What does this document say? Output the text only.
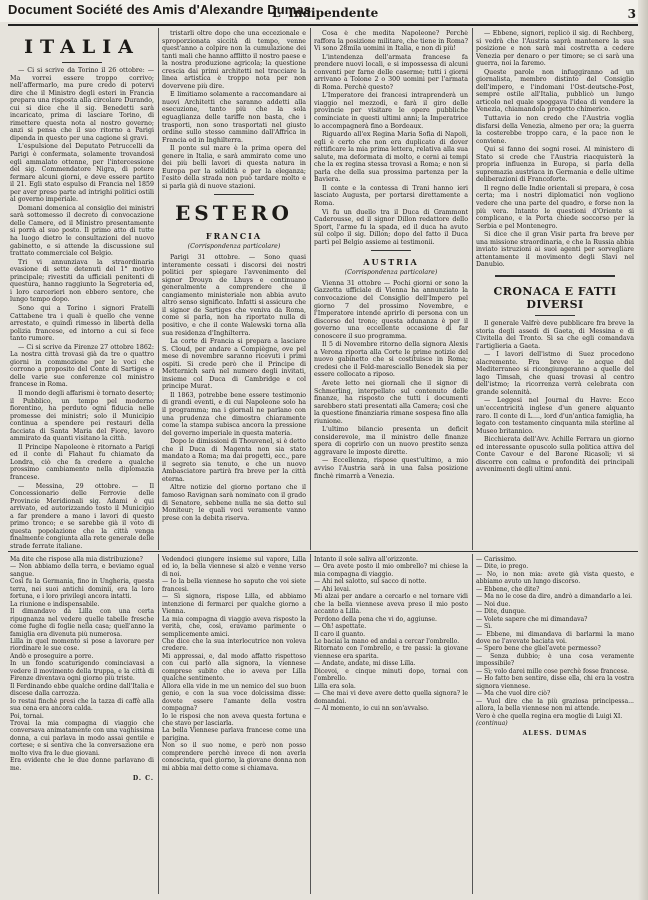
Document Société des Amis d'Alexandre Dumas
L' Indipendente	3
ITALIA

— Ci si scrive da Torino il 26 ottobre: — Ma vorrei essere troppo corrivo; nell'affermarlo, ma pure credo di potervi dire che il Ministro degli esteri in Francia prepara una risposta alla circolare Durando, cui si dice che il sig. Benedetti sarà incaricato, prima di lasciare Torino, di rimettere questa nota al nostro governo; anzi si pensa che il suo ritorno a Parigi dipenda in questo per una cagione sì gravi.

L'espulsione del Deputato Petruccelli da Parigi è confermata, solamente trovandosi egli ammalato ottenne, per l'intercessione del sig. Commendatore Nigra, di potere fermare alcuni giorni, e deve essere partito il 21. Egli stato espulso di Francia nel 1859 per aver preso parte ad intrighi politici ostili al governo imperiale.

Domani domenica al consiglio dei ministri sarà sottomesso il decreto di convocazione delle Camere, ed il Ministro presentamente si porrà al suo posto. Il primo atto di tutte ha luogo dietro le consultazioni del nuovo gabinetto, e si attende la discussione sul trattato commerciale col Belgio.

Tri vi annunziava la straordinaria evasione di sette detenuti del 1° motivo principale; rivestiti da ufficiali penitenti di questura, hanno raggiunto la Segreteria ed, i loro carcerieri non ebbero sentore, che lungo tempo dopo.

Sono qui a Torino i signori Fratelli Cattabene tra i quali è quello che venne arrestato, e quindi rimesso in libertà della polizia francese, ed intorno a cui si fece tanto rumore.

— Ci si scrive da Firenze 27 ottobre 1862: La nostra città trovasi già da tre o quattro giorni in commozione per le voci che corrono a proposito del Conte di Sartiges e delle varie sue conferenze col ministro francese in Roma.

Il mondo degli affarismi è tornato deserto; il Pubblico, un tempo pel moderno fiorentino, ha perduto ogni fiducia nelle promesse dei ministri; solo il Municipio continua a spendere pei restauri della facciata di Santa Maria del Fiore, lavoro ammirato da quanti visitano la città.

Il Principe Napoleone è ritornato a Parigi ed il conte di Flahaut fu chiamato da Londra, ciò che fa credere a qualche prossimo cambiamento nella diplomazia francese.

— Messina, 29 ottobre. — Il Concessionario delle Ferrovie delle Provincie Meridionali sig. Adami è qui arrivato, ed autorizzando tosto il Municipio a far prendere a mano i lavori di questo primo tronco; e se sarebbe già il voto di questa popolazione che la città venga finalmente congiunta alla rete generale delle strade ferrate italiane.

tristarli oltre dopo che una eccezionale e sproporzionata siccità di tempo, venne quest'anno a colpire non la cumulazione dei tanti mali che hanno afflitto il nostro paese e la nostra produzione agricola; la questione crescia dai primi architetti nel tracciare la linea artistica è troppo nota per non dovervene più dire.

E limitiamo solamente a raccomandare ai nuovi Architetti che saranno addetti alla esecuzione, tanto più che la sola eguaglianza delle tariffe non basta, che i trasporti, non sono trasportati nel giusto ordine sullo stesso cammino dall'Affrica in Francia ed in Inghilterra.

Il ponte sul mare è la prima opera del genere in Italia, e sarà ammirato come uno dei più belli lavori di questa natura in Europa per la solidità e per la eleganza; l'esito della strada non può tardare molto e si parla già di nuove stazioni.

ESTERO
FRANCIA

(Corrispondenza particolare)

Parigi 31 ottobre. — Sono quasi interamente cessati i discorsi dei nostri politici per spiegare l'avvenimento del signor Drouyn de Lhuys e continuano generalmente a comprendere che il cangiamento ministeriale non abbia avuto altro senso significato. Infatti si assicura che il signor de Sartiges che veniva da Roma, come si parla, non ha riportato nulla di positivo, e che il conte Walewski torna alla sua residenza d'Inghilterra.

La corte di Francia si prepara a lasciare S. Cloud, per andare a Compiègne, ove pel mese di novembre saranno ricevuti i primi ospiti. Si crede però che il Principe di Metternich sarà nel numero degli invitati, insieme col Duca di Cambridge e col principe Murat.

Il 1863, potrebbe bene essere testimonio di grandi eventi, e di cui Napoleone solo ha il programma; ma i giornali ne parlano con una prudenza che dimostra chiaramente come la stampa subisca ancora la pressione del governo imperiale in questa materia.

Dopo le dimissioni di Thouvenel, si è detto che il Duca di Magenta non sia stato mandato a Roma; ma dai progetti, ecc., pare il segreto sia tenuto, e che un nuovo Ambasciatore partirà fra breve per la città eterna.

Altre notizie del giorno portano che il famoso Ravignan sarà nominato con il grado di Senatore, sebbene nulla ne sia detto sul Moniteur; le quali voci veramente vanno prese con la debita riserva.

Cosa è che medita Napoleone? Perchè raffora la posizione militare, che tiene in Roma? Vi sono 28mila uomini in Italia, e non di più!

L'intendenza dell'armata francese fa prendere nuovi locali, e si impossessa di alcuni conventi per farne delle caserme; tutti i giorni arrivano a Tolone 2 o 300 uomini per l'armata di Roma. Perchè questo?

L'Imperatore dei francesi intraprenderà un viaggio nel mezzodì, e farà il giro delle provincie per visitare le opere pubbliche cominciate in questi ultimi anni; la Imperatrice lo accompagnerà fino a Bordeaux.

Riguardo all'ex Regina Maria Sofia di Napoli, egli è certo che non era duplicato di dover rettificare la mia prima lettera, relativa alla sua salute, ma deformata di molto, e cerni ai tempi che la ex regina stessa trovasi a Roma; e non si parla che della sua prossima partenza per la Baviera.

Il conte e la contessa di Trani hanno ieri lasciato Augusta, per portarsi direttamente a Roma.

Vi fu un duello tra il Duca di Grammont Caderousse, ed il signor Dillon redattore dello Sport, l'arme fu la spada, ed il duca ha avuto sul colpo il sig. Dillon; dopo del fatto il Duca partì pel Belgio assieme ai testimonii.

AUSTRIA

(Corrispondenza particolare)

Vienna 31 ottobre — Pochi giorni or sono la Gazzetta ufficiale di Vienna ha annunziato la convocazione del Consiglio dell'Impero pel giorno 7 del prossimo Novembre, e l'Imperatore intende aprirlo di persona con un discorso del trono; questa adunanza è per il governo una eccellente occasione di far conoscere il suo programma.

Il 5 di Novembre ritorno della signora Alexis a Verona riporta alla Corte le prime notizie del nuovo gabinetto che si costituisce in Roma; credesi che il Feld-maresciallo Benedek sia per essere collocato a riposo.

Avete letto nei giornali che il signor di Schmerling, interpellato sul contenuto delle finanze, ha risposto che tutti i documenti sarebbero stati presentati alla Camera; così che la questione finanziaria rimane sospesa fino alla riunione.

L'ultimo bilancio presenta un deficit considerevole, ma il ministro delle finanze spera di coprirlo con un nuovo prestito senza aggravare le imposte dirette.

— Eccellenza, rispose quest'ultimo, a mio avviso l'Austria sarà in una falsa posizione finchè rimarrà a Venezia.

— Ebbene, signori, replicò il sig. di Rechberg, si vedrà che l'Austria saprà mantenere la sua posizione e non sarà mai costretta a cedere Venezia per denaro o per timore; se ci sarà una guerra, noi la faremo.

Queste parole non infuggiranno ad un giornalista, membro distinto del Consiglio dell'impero, e l'indomani l'Ost-deutsche-Post, sempre ostile all'Italia, pubblicò un lungo articolo nel quale spoggava l'idea di vendere la Venezia, chiamandola progetto chimerico.

Tuttavia io non credo che l'Austria voglia disfarsi della Venezia, almeno per ora; la guerra la costerebbe troppo cara, e la pace non le conviene.

Qui si fanno dei sogni rosei. Al ministero di Stato si crede che l'Austria riacquisterà la propria influenza in Europa, si parla della supremazia austriaca in Germania e delle ultime deliberazioni di Francoforte.

Il regno delle Indie orientali si prepara, è cosa certa; ma i nostri diplomatici non vogliono vedere che una parte del quadro, e forse non la più vera. Intanto le questioni d'Oriente si complicano, e la Porta chiede soccorso per la Serbia e pel Montenegro.

Si dice che il gran Visir parta fra breve per una missione straordinaria, e che la Russia abbia inviato istruzioni ai suoi agenti per sorvegliare attentamente il movimento degli Slavi nel Danubio.

CRONACA E FATTI DIVERSI

Il generale Valfrè deve pubblicare fra breve la storia degli assedi di Gaeta, di Messina e di Civitella del Tronto. Si sa che egli comandava l'artiglieria a Gaeta.

— I lavori dell'istmo di Suez procedono alacremente. Fra breve le acque del Mediterraneo si ricongiungeranno a quelle del lago Timsah, che quasi trovasi al centro dell'istmo; la ricorrenza verrà celebrata con grande solennità.

— Leggesi nel Journal du Havre: Ecco un'eccentricità inglese d'un genere alquanto raro. Il conte di L...., lord d'un'antica famiglia, ha legato con testamento cinquanta mila sterline al Museo britannico.

Bicchierata dell'Avv. Achille Ferrara un giorno ed interessante opuscolo sulla politica attiva del Conte Cavour e del Barone Ricasoli; vi si discorre con calma e profondità dei principali avvenimenti degli ultimi anni.

Ma dite che rispose alla mia distribuzione?

— Non abbiamo della terra, e beviamo egual sangue.

Così fu la Germania, fino in Ungheria, questa terra, nei suoi antichi dominii, era la loro fortuna, e i loro privilegi ancora intatti.

La riunione e indispensabile.

Il dimandavo da Lilla con una certa ripugnanza nel vedere quelle tabelle fresche come fughe di foglie nella casa; quell'anno la famiglia era divenuta più numerosa.

Lilla in quel momento si pose a lavorare per riordinare le sue cose.

Andò e proseguire a porre.

In un fondo scaturigendo cominciavasi a vedere il movimento della truppa, e la città di Firenze diventava ogni giorno più triste.

Il Ferdinando ebbe qualche ordine dall'Italia e discese dalla carrozza.

Io restai finchè presi che la tazza di caffè alla sua cena era ancora calda.

Poi, tornai.

Trovai la mia compagna di viaggio che conversava animatamente con una vaghissima donna, a cui parlava in modo assai gentile e cortese; e si sentiva che la conversazione era molto viva fra le due giovani.

Era evidente che le due donne parlavano di me.

D. C.

Vedendoci giungere insieme sul vapore, Lilla ed io, la bella viennese si alzò e venne verso di noi.

— Io la bella viennese ho saputo che voi siete francesi.

— Sì signora, rispose Lilla, ed abbiamo intenzione di fermarci per qualche giorno a Vienna.

La mia compagna di viaggio aveva risposto la verità, che, così, eravamo parimente o semplicemente amici.

Che dice che la sua interlocutrice non voleva credere.

Mi appressai, e, dal modo affatto rispettoso con cui parlò alla signora, la viennese comprese subito che io aveva per Lilla qualche sentimento.

Allora ella vide in me un nemico del suo buon genio, e con la sua voce dolcissima disse: dovete essere l'amante della vostra compagna?

Io le risposi che non aveva questa fortuna e che stavo per lasciarla.

La bella Viennese parlava francese come una parigina.

Non so il suo nome, e però non posso comprendere perchè invece di non averla conosciuta, quel giorno, la giovane donna non mi abbia mai detto come si chiamava.

Intanto il sole saliva all'orizzonte.

— Ora avete posto il mio ombrello? mi chiese la mia compagna di viaggio.

— Ahi nel salotto, sul sacco di notte.

— Ahi levai.

Mi alzai per andare a cercarlo e nel tornare vidi che la bella viennese aveva preso il mio posto accanto a Lilla.

Perdono della pena che vi do, aggiunse.

— Oh! aspettate.

Il caro il guanto.

Le baciai la mano ed andai a cercar l'ombrello.

Ritornato con l'ombrello, e tre passi: la giovane viennese era sparita.

— Andate, andate, mi disse Lilla.

Dicevoi, e cinque minuti dopo, tornai con l'ombrello.

Lilla era sola.

— Che mai vi deve avere detto quella signora? le domandai.

— Al momento, io cui nn son'avvalso.

— Carissimo.

— Dite, io prego.

— No, io non mia: avete già vista questo, e abbiamo avuto un lungo discorso.

— Ebbene, che dite?

— Ma no le cose da dire, andrò a dimandarlo a lei.

— Noi due.

— Dite, dunque.

— Volete sapere che mi dimandava?

— Sì.

— Ebbene, mi dimandava di barlarmi la mano dove ne l'avevate baciata voi.

— Spero bene che gliel'avete permesso?

— Senza dubbio; è una cosa veramente impossibile?

— Sì; volo darei mille cose perchè fosse francese.

— Ho fatto ben sentire, disse ella, chi era la vostra signora viennese.

— Ma che vuol dire ciò?

— Vuol dire che la più graziosa principessa... allora, la bella viennese non mi attende.

Vero è che quella regina era moglie di Luigi XI.

(continua)

ALESS. DUMAS
